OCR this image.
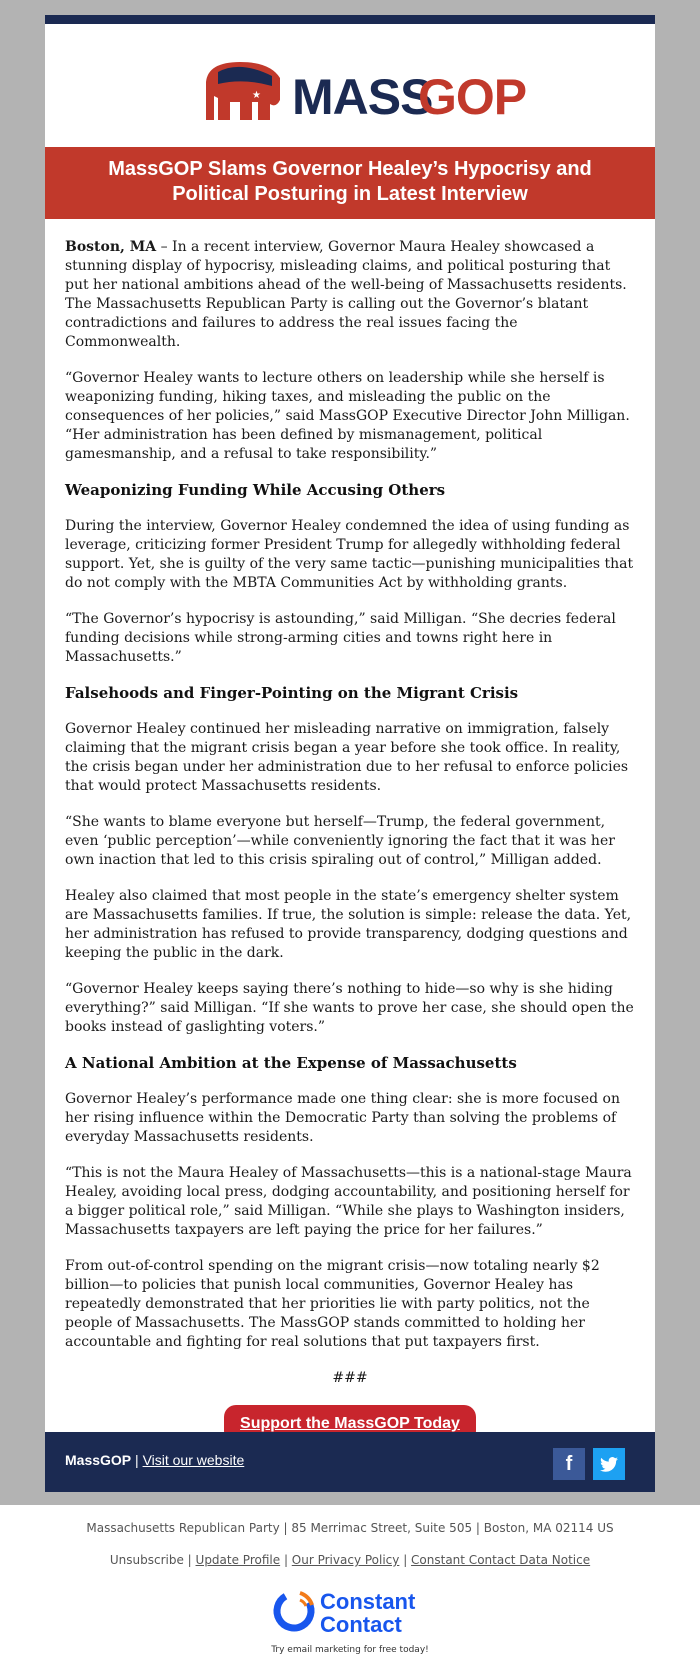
★ MASS
GOP
MassGOP Slams Governor Healey’s Hypocrisy and Political Posturing in Latest Interview

Boston, MA – In a recent interview, Governor Maura Healey showcased a stunning display of hypocrisy, misleading claims, and political posturing that put her national ambitions ahead of the well-being of Massachusetts residents. The Massachusetts Republican Party is calling out the Governor’s blatant contradictions and failures to address the real issues facing the Commonwealth.

“Governor Healey wants to lecture others on leadership while she herself is weaponizing funding, hiking taxes, and misleading the public on the consequences of her policies,” said MassGOP Executive Director John Milligan. “Her administration has been defined by mismanagement, political gamesmanship, and a refusal to take responsibility.”

Weaponizing Funding While Accusing Others

During the interview, Governor Healey condemned the idea of using funding as leverage, criticizing former President Trump for allegedly withholding federal support. Yet, she is guilty of the very same tactic—punishing municipalities that do not comply with the MBTA Communities Act by withholding grants.

“The Governor’s hypocrisy is astounding,” said Milligan. “She decries federal funding decisions while strong-arming cities and towns right here in Massachusetts.”

Falsehoods and Finger-Pointing on the Migrant Crisis

Governor Healey continued her misleading narrative on immigration, falsely claiming that the migrant crisis began a year before she took office. In reality, the crisis began under her administration due to her refusal to enforce policies that would protect Massachusetts residents.

“She wants to blame everyone but herself—Trump, the federal government, even ‘public perception’—while conveniently ignoring the fact that it was her own inaction that led to this crisis spiraling out of control,” Milligan added.

Healey also claimed that most people in the state’s emergency shelter system are Massachusetts families. If true, the solution is simple: release the data. Yet, her administration has refused to provide transparency, dodging questions and keeping the public in the dark.

“Governor Healey keeps saying there’s nothing to hide—so why is she hiding everything?” said Milligan. “If she wants to prove her case, she should open the books instead of gaslighting voters.”

A National Ambition at the Expense of Massachusetts

Governor Healey’s performance made one thing clear: she is more focused on her rising influence within the Democratic Party than solving the problems of everyday Massachusetts residents.

“This is not the Maura Healey of Massachusetts—this is a national-stage Maura Healey, avoiding local press, dodging accountability, and positioning herself for a bigger political role,” said Milligan. “While she plays to Washington insiders, Massachusetts taxpayers are left paying the price for her failures.”

From out-of-control spending on the migrant crisis—now totaling nearly $2 billion—to policies that punish local communities, Governor Healey has repeatedly demonstrated that her priorities lie with party politics, not the people of Massachusetts. The MassGOP stands committed to holding her accountable and fighting for real solutions that put taxpayers first.

###

Support the MassGOP Today
MassGOP | Visit our website	f
Massachusetts Republican Party | 85 Merrimac Street, Suite 505 | Boston, MA 02114 US
Unsubscribe | Update Profile | Our Privacy Policy | Constant Contact Data Notice
Constant
Contact
Try email marketing for free today!
